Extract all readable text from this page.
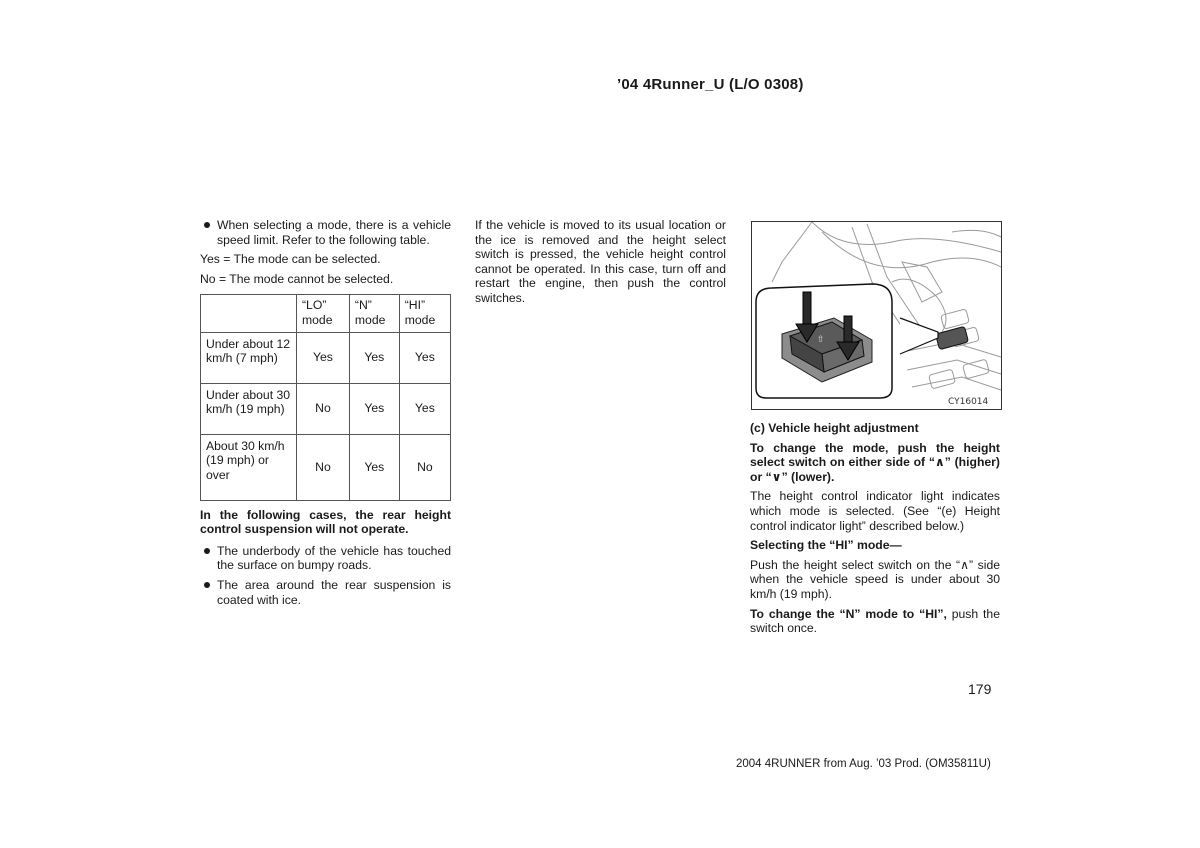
’04 4Runner_U (L/O 0308)
When selecting a mode, there is a vehicle speed limit. Refer to the following table.

Yes = The mode can be selected.

No = The mode cannot be selected.

	“LO” mode	“N” mode	“HI” mode
Under about 12 km/h (7 mph)	Yes	Yes	Yes
Under about 30 km/h (19 mph)	No	Yes	Yes
About 30 km/h (19 mph) or over	No	Yes	No

In the following cases, the rear height control suspension will not operate.

The underbody of the vehicle has touched the surface on bumpy roads.
The area around the rear suspension is coated with ice.

If the vehicle is moved to its usual location or the ice is removed and the height select switch is pressed, the vehicle height control cannot be operated. In this case, turn off and restart the engine, then push the control switches.

⇧
CY16014

(c) Vehicle height adjustment

To change the mode, push the height select switch on either side of “∧” (higher) or “∨” (lower).

The height control indicator light indicates which mode is selected. (See “(e) Height control indicator light” described below.)

Selecting the “HI” mode—

Push the height select switch on the “∧” side when the vehicle speed is under about 30 km/h (19 mph).

To change the “N” mode to “HI”, push the switch once.

179
2004 4RUNNER from Aug. ’03 Prod. (OM35811U)
